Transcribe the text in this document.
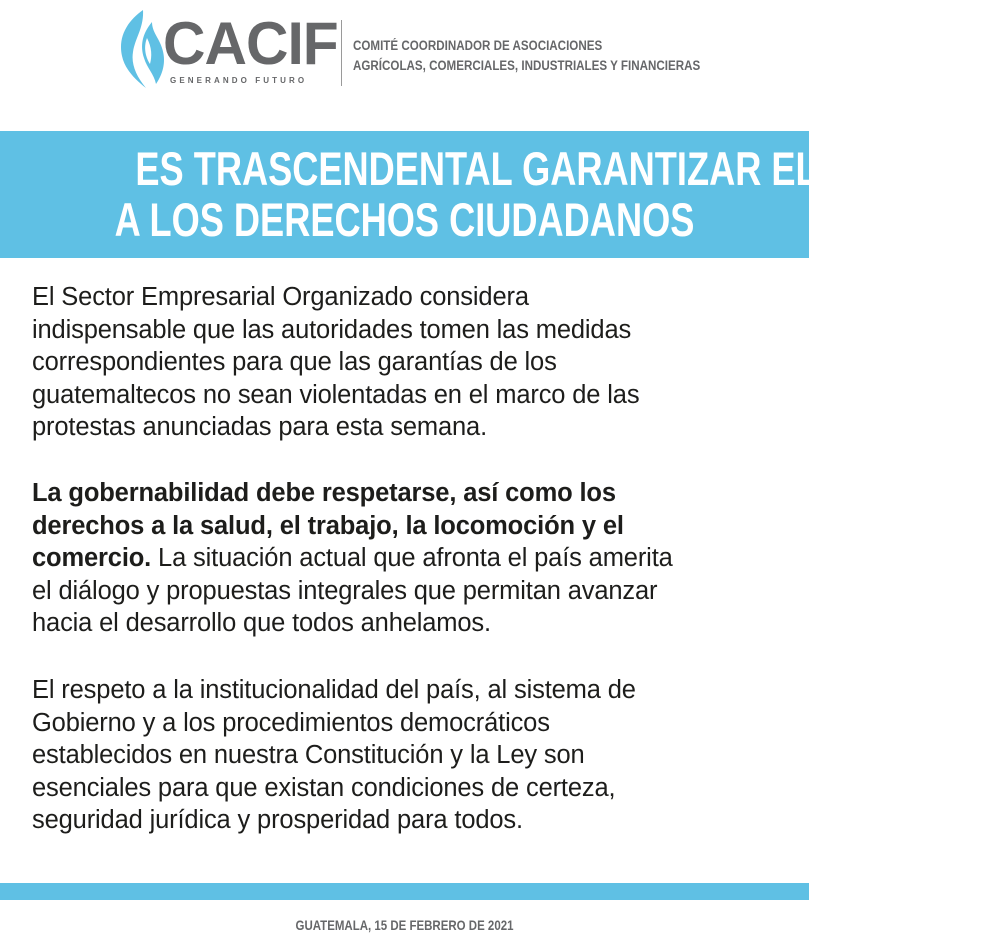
CACIF
GENERANDO FUTURO
COMITÉ COORDINADOR DE ASOCIACIONES
AGRÍCOLAS, COMERCIALES, INDUSTRIALES Y FINANCIERAS
ES TRASCENDENTAL GARANTIZAR EL RESPETO
A LOS DERECHOS CIUDADANOS

El Sector Empresarial Organizado considera
indispensable que las autoridades tomen las medidas
correspondientes para que las garantías de los
guatemaltecos no sean violentadas en el marco de las
protestas anunciadas para esta semana.

La gobernabilidad debe respetarse, así como los
derechos a la salud, el trabajo, la locomoción y el
comercio. La situación actual que afronta el país amerita
el diálogo y propuestas integrales que permitan avanzar
hacia el desarrollo que todos anhelamos.

El respeto a la institucionalidad del país, al sistema de
Gobierno y a los procedimientos democráticos
establecidos en nuestra Constitución y la Ley son
esenciales para que existan condiciones de certeza,
seguridad jurídica y prosperidad para todos.

GUATEMALA, 15 DE FEBRERO DE 2021
